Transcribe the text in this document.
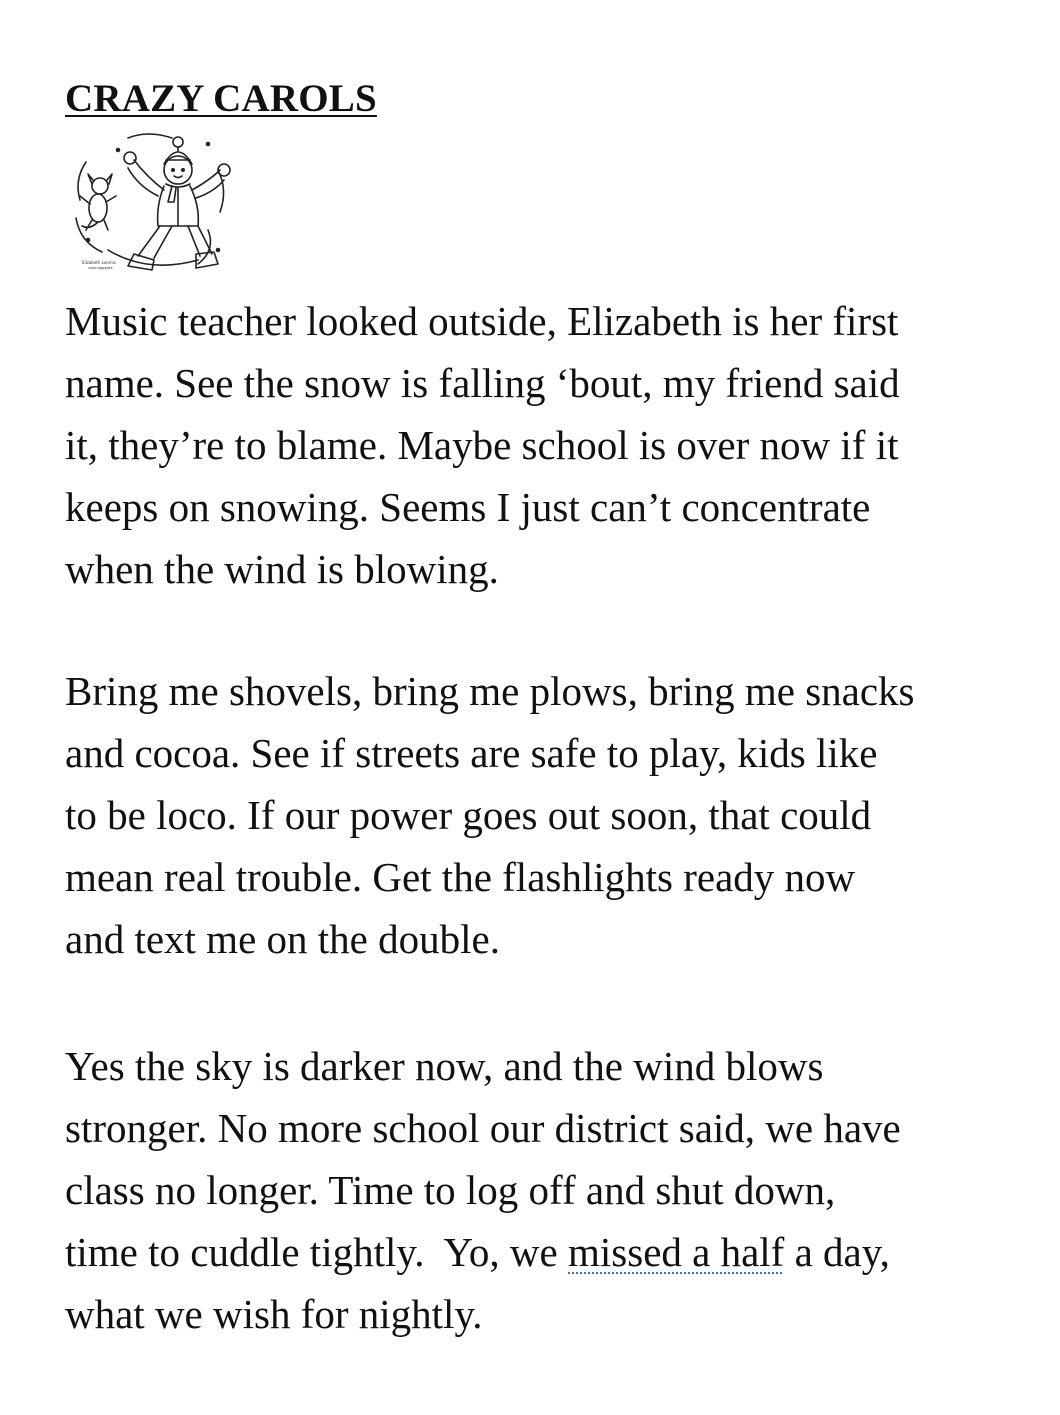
CRAZY CAROLS
Elizabeth Loomis
coloringpages
Music teacher looked outside, Elizabeth is her first
name. See the snow is falling ‘bout, my friend said
it, they’re to blame. Maybe school is over now if it
keeps on snowing. Seems I just can’t concentrate
when the wind is blowing.
Bring me shovels, bring me plows, bring me snacks
and cocoa. See if streets are safe to play, kids like
to be loco. If our power goes out soon, that could
mean real trouble. Get the flashlights ready now
and text me on the double.
Yes the sky is darker now, and the wind blows
stronger. No more school our district said, we have
class no longer. Time to log off and shut down,
time to cuddle tightly.  Yo, we missed a half a day,
what we wish for nightly.
